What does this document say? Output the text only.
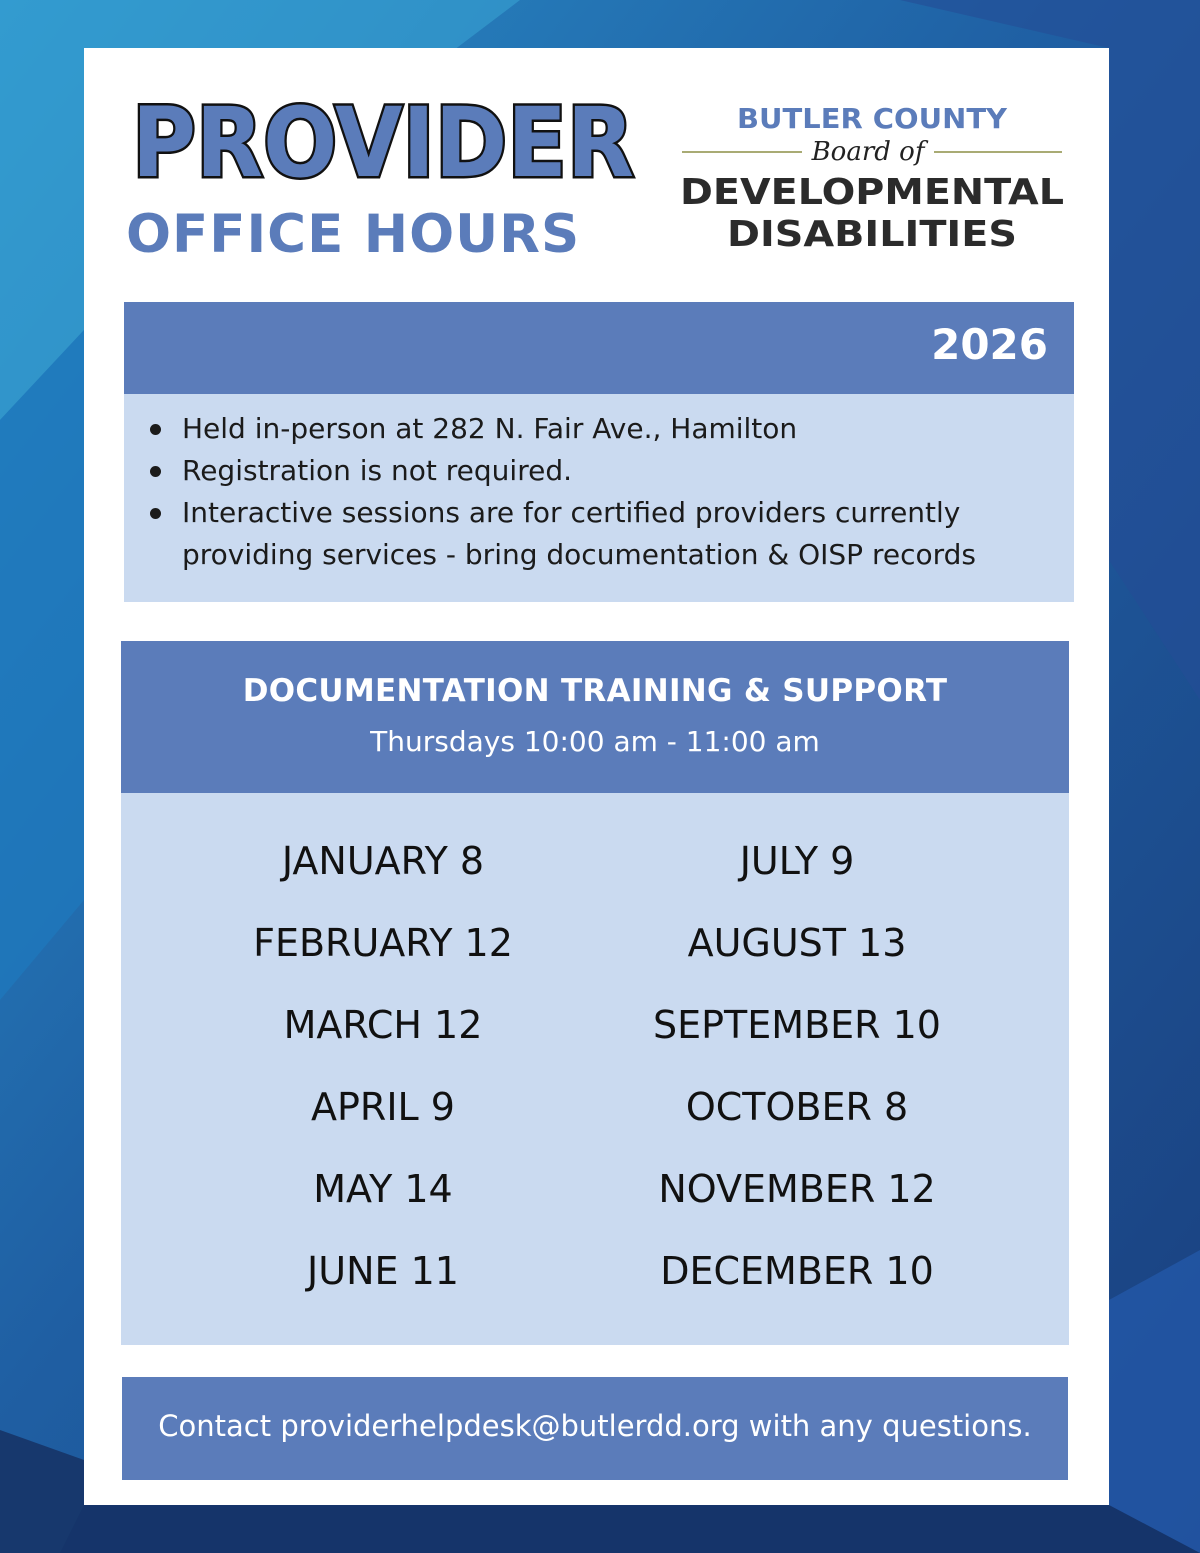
PROVIDER
OFFICE HOURS
BUTLER COUNTY
Board of
DEVELOPMENTAL
DISABILITIES
2026
Held in-person at 282 N. Fair Ave., Hamilton
Registration is not required.
Interactive sessions are for certified providers currently
providing services - bring documentation & OISP records
DOCUMENTATION TRAINING & SUPPORT
Thursdays 10:00 am - 11:00 am
JANUARY 8
FEBRUARY 12
MARCH 12
APRIL 9
MAY 14
JUNE 11
JULY 9
AUGUST 13
SEPTEMBER 10
OCTOBER 8
NOVEMBER 12
DECEMBER 10
Contact providerhelpdesk@butlerdd.org with any questions.
